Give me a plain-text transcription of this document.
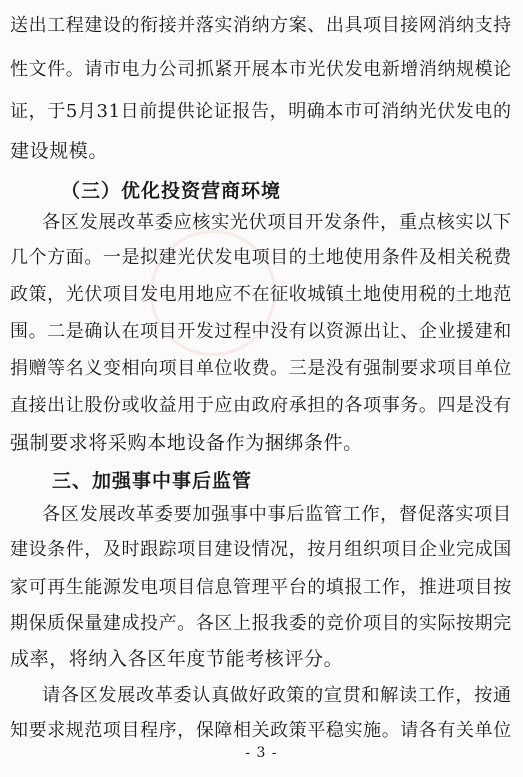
送出工程建设的衔接并落实消纳方案、出具项目接网消纳支持
性文件。请市电力公司抓紧开展本市光伏发电新增消纳规模论
证，于5月31日前提供论证报告，明确本市可消纳光伏发电的
建设规模。
（三）优化投资营商环境
各区发展改革委应核实光伏项目开发条件，重点核实以下
几个方面。一是拟建光伏发电项目的土地使用条件及相关税费
政策，光伏项目发电用地应不在征收城镇土地使用税的土地范
围。二是确认在项目开发过程中没有以资源出让、企业援建和
捐赠等名义变相向项目单位收费。三是没有强制要求项目单位
直接出让股份或收益用于应由政府承担的各项事务。四是没有
强制要求将采购本地设备作为捆绑条件。
三、加强事中事后监管
各区发展改革委要加强事中事后监管工作，督促落实项目
建设条件，及时跟踪项目建设情况，按月组织项目企业完成国
家可再生能源发电项目信息管理平台的填报工作，推进项目按
期保质保量建成投产。各区上报我委的竞价项目的实际按期完
成率，将纳入各区年度节能考核评分。
请各区发展改革委认真做好政策的宣贯和解读工作，按通
知要求规范项目程序，保障相关政策平稳实施。请各有关单位
- 3 -
